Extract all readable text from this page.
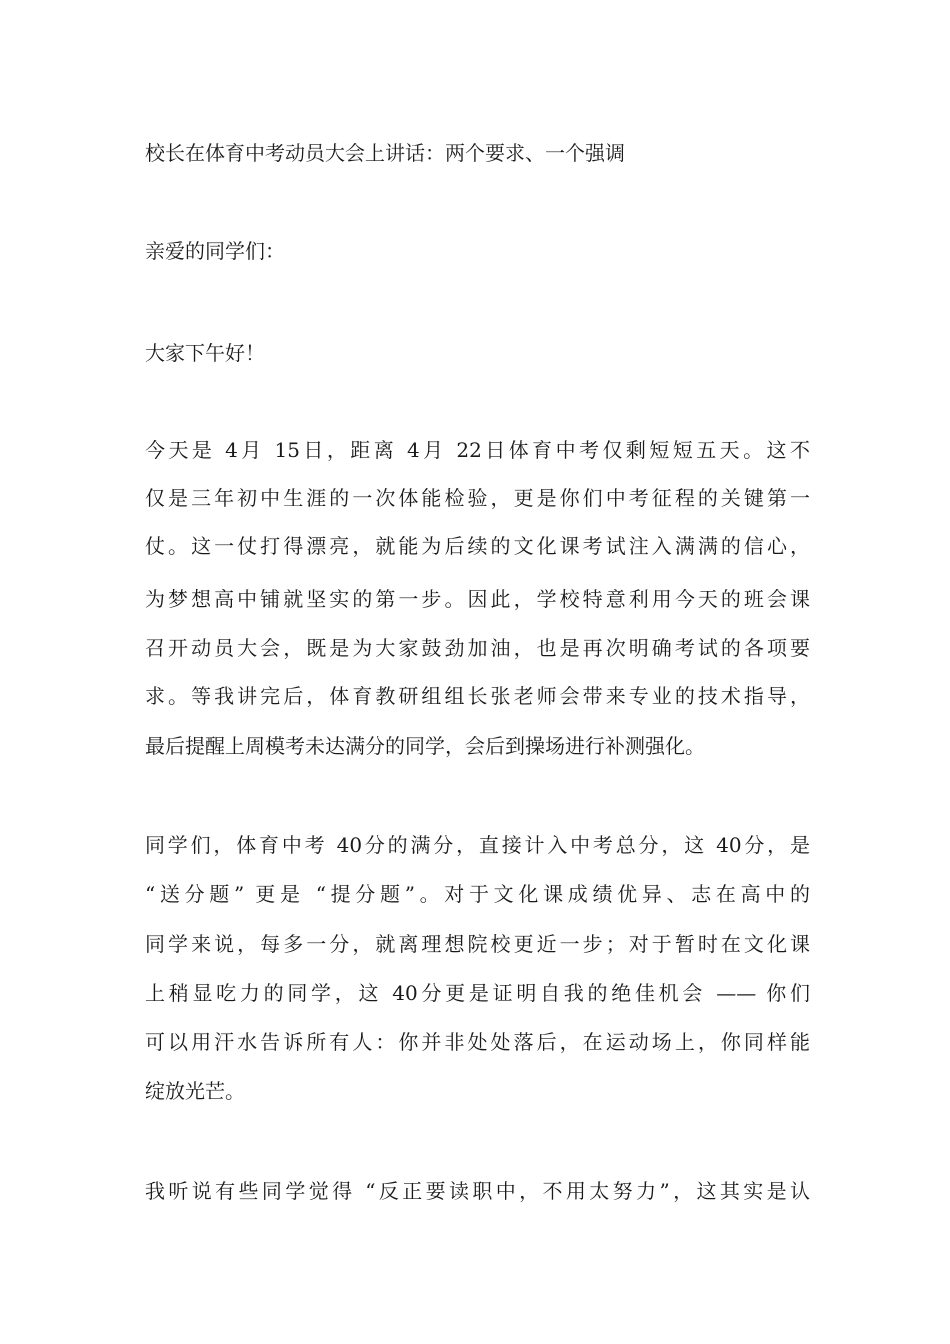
校长在体育中考动员大会上讲话：两个要求、一个强调
亲爱的同学们：
大家下午好！
今天是 4月 15日，距离 4月 22日体育中考仅剩短短五天。这不
仅是三年初中生涯的一次体能检验，更是你们中考征程的关键第一
仗。这一仗打得漂亮，就能为后续的文化课考试注入满满的信心，
为梦想高中铺就坚实的第一步。因此，学校特意利用今天的班会课
召开动员大会，既是为大家鼓劲加油，也是再次明确考试的各项要
求。等我讲完后，体育教研组组长张老师会带来专业的技术指导，
最后提醒上周模考未达满分的同学，会后到操场进行补测强化。
同学们，体育中考 40分的满分，直接计入中考总分，这 40分，是
“送分题” 更是 “提分题”。对于文化课成绩优异、志在高中的
同学来说，每多一分，就离理想院校更近一步；对于暂时在文化课
上稍显吃力的同学，这 40分更是证明自我的绝佳机会 —— 你们
可以用汗水告诉所有人：你并非处处落后，在运动场上，你同样能
绽放光芒。
我听说有些同学觉得 “反正要读职中，不用太努力”，这其实是认
